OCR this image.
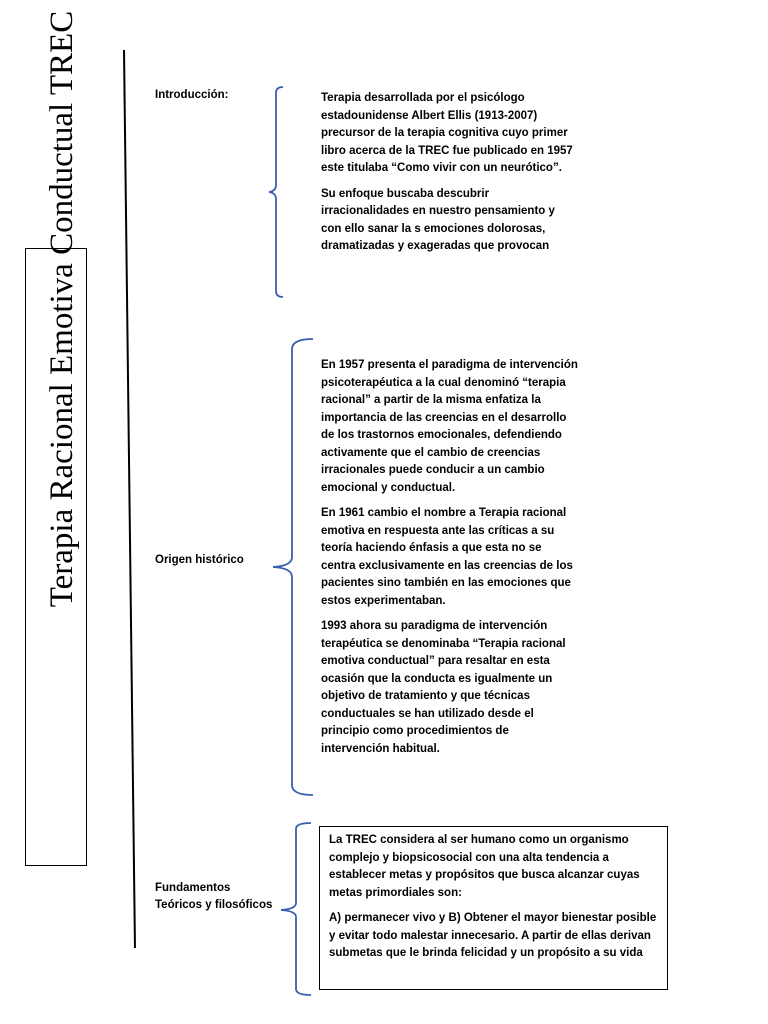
Terapia Racional Emotiva Conductual TREC	Introducción:	Terapia desarrollada por el psicólogo estadounidense Albert Ellis (1913-2007) precursor de la terapia cognitiva cuyo primer libro acerca de la TREC fue publicado en 1957 este titulaba “Como vivir con un neurótico”.

Su enfoque buscaba descubrir irracionalidades en nuestro pensamiento y con ello sanar la s emociones dolorosas, dramatizadas y exageradas que provocan

Origen histórico

En 1957 presenta el paradigma de intervención psicoterapéutica a la cual denominó “terapia racional” a partir de la misma enfatiza la importancia de las creencias en el desarrollo de los trastornos emocionales, defendiendo activamente que el cambio de creencias irracionales puede conducir a un cambio emocional y conductual.

En 1961 cambio el nombre a Terapia racional emotiva en respuesta ante las críticas a su teoría haciendo énfasis a que esta no se centra exclusivamente en las creencias de los pacientes sino también en las emociones que estos experimentaban.

1993 ahora su paradigma de intervención terapéutica se denominaba “Terapia racional emotiva conductual” para resaltar en esta ocasión que la conducta es igualmente un objetivo de tratamiento y que técnicas conductuales se han utilizado desde el principio como procedimientos de intervención habitual.

Fundamentos
Teóricos y filosóficos

La TREC considera al ser humano como un organismo complejo y biopsicosocial con una alta tendencia a establecer metas y propósitos que busca alcanzar cuyas metas primordiales son:

A) permanecer vivo y B) Obtener el mayor bienestar posible y evitar todo malestar innecesario. A partir de ellas derivan submetas que le brinda felicidad y un propósito a su vida
